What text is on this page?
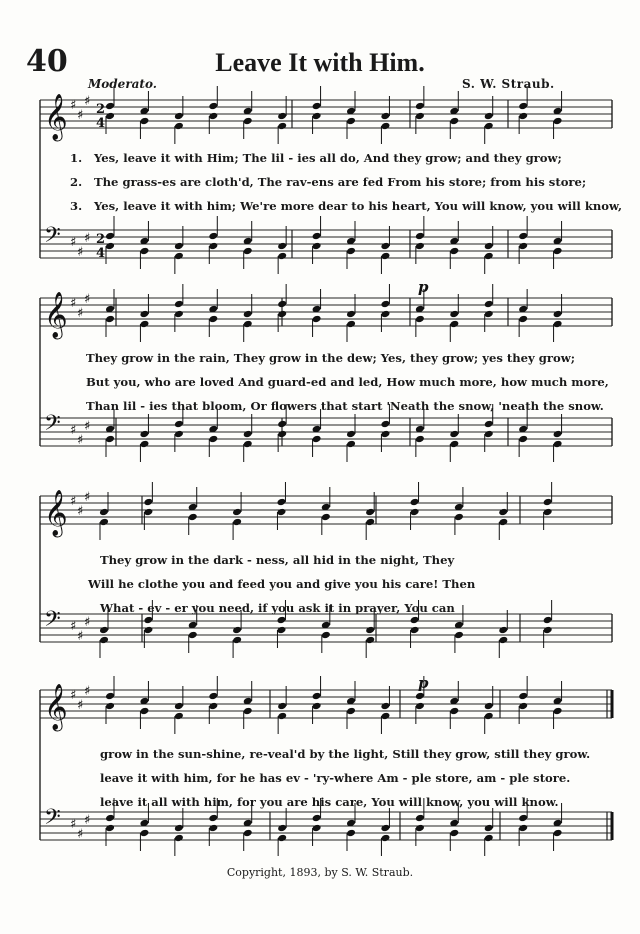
40	Leave It with Him.
Moderato.	S. W. Straub.
𝄞 ♯
♯
♯
𝄢 ♯
♯
♯
𝄞 ♯
♯
♯
𝄢 ♯
♯
♯
𝄞 ♯
♯
♯
𝄢 ♯
♯
♯
𝄞 ♯
♯
♯
𝄢 ♯
♯
♯
2
4
2
4
p
p
1. Yes, leave it with Him; The lil - ies all do, And they grow; and they grow;
2. The grass-es are cloth'd, The rav-ens are fed From his store; from his store;
3. Yes, leave it with him; We're more dear to his heart, You will know, you will know,
They grow in the rain, They grow in the dew; Yes, they grow; yes they grow;
But you, who are loved And guard-ed and led, How much more, how much more,
Than lil - ies that bloom, Or flowers that start 'Neath the snow, 'neath the snow.
They grow in the dark - ness, all hid in the night, They
Will he clothe you and feed you and give you his care! Then
What - ev - er you need, if you ask it in prayer, You can
grow in the sun-shine, re-veal'd by the light, Still they grow, still they grow.
leave it with him, for he has ev - 'ry-where Am - ple store, am - ple store.
leave it all with him, for you are his care, You will know, you will know.
Copyright, 1893, by S. W. Straub.
